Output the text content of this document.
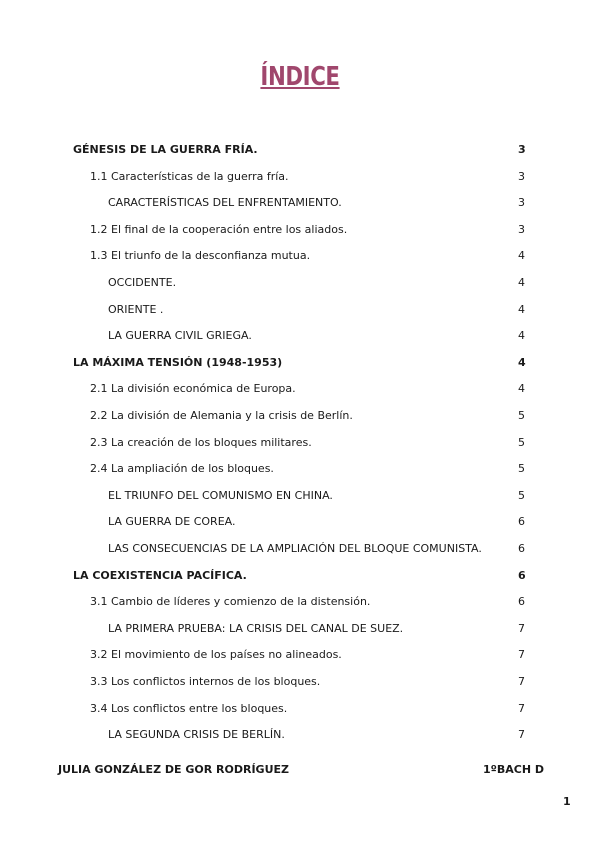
ÍNDICE
GÉNESIS DE LA GUERRA FRÍA.	3
1.1 Características de la guerra fría.	3
CARACTERÍSTICAS DEL ENFRENTAMIENTO.	3
1.2 El final de la cooperación entre los aliados.	3
1.3 El triunfo de la desconfianza mutua.	4
OCCIDENTE.	4
ORIENTE .	4
LA GUERRA CIVIL GRIEGA.	4
LA MÁXIMA TENSIÓN (1948-1953)	4
2.1 La división económica de Europa.	4
2.2 La división de Alemania y la crisis de Berlín.	5
2.3 La creación de los bloques militares.	5
2.4 La ampliación de los bloques.	5
EL TRIUNFO DEL COMUNISMO EN CHINA.	5
LA GUERRA DE COREA.	6
LAS CONSECUENCIAS DE LA AMPLIACIÓN DEL BLOQUE COMUNISTA.	6
LA COEXISTENCIA PACÍFICA.	6
3.1 Cambio de líderes y comienzo de la distensión.	6
LA PRIMERA PRUEBA: LA CRISIS DEL CANAL DE SUEZ.	7
3.2 El movimiento de los países no alineados.	7
3.3 Los conflictos internos de los bloques.	7
3.4 Los conflictos entre los bloques.	7
LA SEGUNDA CRISIS DE BERLÍN.	7
JULIA GONZÁLEZ DE GOR RODRÍGUEZ	1ºBACH D
1
